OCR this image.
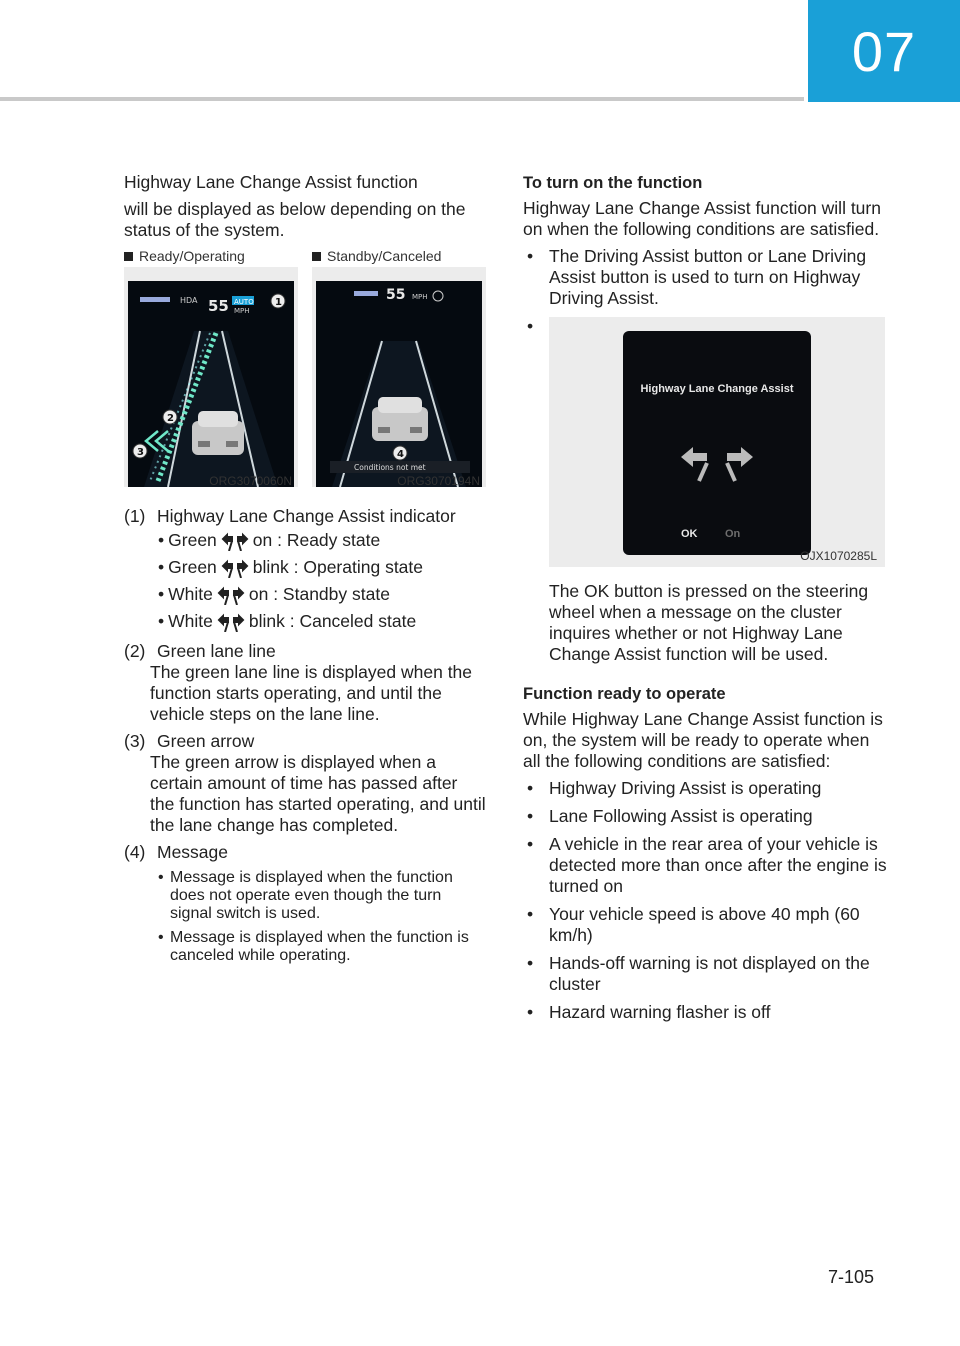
07

Highway Lane Change Assist function

will be displayed as below depending on the status of the system.

Ready/Operating
HDA 55 AUTO
MPH
1
2
3
ORG3070060N
Standby/Canceled
55 MPH
Conditions not met
4
ORG3070194N
(1) Highway Lane Change Assist indicator
• Green on : Ready state
• Green blink : Operating state
• White on : Standby state
• White blink : Canceled state
(2) Green lane line
The green lane line is displayed when the function starts operating, and until the vehicle steps on the lane line.
(3) Green arrow
The green arrow is displayed when a certain amount of time has passed after the function has started operating, and until the lane change has completed.
(4) Message
• Message is displayed when the function does not operate even though the turn signal switch is used.
• Message is displayed when the function is canceled while operating.
To turn on the function

Highway Lane Change Assist function will turn on when the following conditions are satisfied.

• The Driving Assist button or Lane Driving Assist button is used to turn on Highway Driving Assist.
•
Highway Lane Change Assist
OK	On
OJX1070285L

The OK button is pressed on the steering wheel when a message on the cluster inquires whether or not Highway Lane Change Assist function will be used.

Function ready to operate

While Highway Lane Change Assist function is on, the system will be ready to operate when all the following conditions are satisfied:

• Highway Driving Assist is operating
• Lane Following Assist is operating
• A vehicle in the rear area of your vehicle is detected more than once after the engine is turned on
• Your vehicle speed is above 40 mph (60 km/h)
• Hands-off warning is not displayed on the cluster
• Hazard warning flasher is off
7-105
